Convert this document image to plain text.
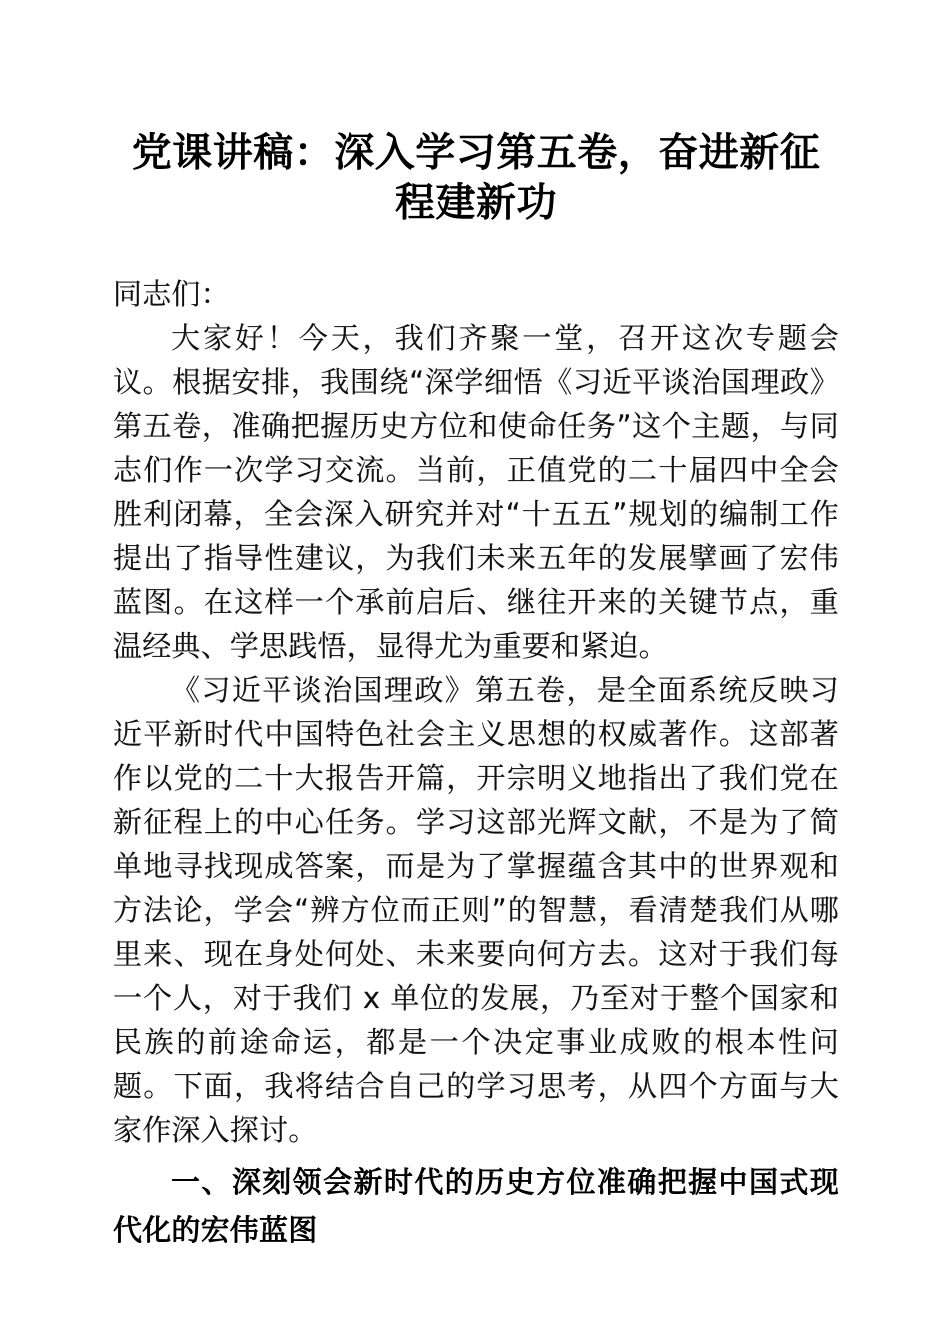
党课讲稿：深入学习第五卷，奋进新征程建新功

同志们：

大家好！今天，我们齐聚一堂，召开这次专题会议。根据安排，我围绕“深学细悟《习近平谈治国理政》第五卷，准确把握历史方位和使命任务”这个主题，与同志们作一次学习交流。当前，正值党的二十届四中全会胜利闭幕，全会深入研究并对“十五五”规划的编制工作提出了指导性建议，为我们未来五年的发展擘画了宏伟蓝图。在这样一个承前启后、继往开来的关键节点，重温经典、学思践悟，显得尤为重要和紧迫。

《习近平谈治国理政》第五卷，是全面系统反映习近平新时代中国特色社会主义思想的权威著作。这部著作以党的二十大报告开篇，开宗明义地指出了我们党在新征程上的中心任务。学习这部光辉文献，不是为了简单地寻找现成答案，而是为了掌握蕴含其中的世界观和方法论，学会“辨方位而正则”的智慧，看清楚我们从哪里来、现在身处何处、未来要向何方去。这对于我们每一个人，对于我们 x 单位的发展，乃至对于整个国家和民族的前途命运，都是一个决定事业成败的根本性问题。下面，我将结合自己的学习思考，从四个方面与大家作深入探讨。

一、深刻领会新时代的历史方位准确把握中国式现代化的宏伟蓝图
